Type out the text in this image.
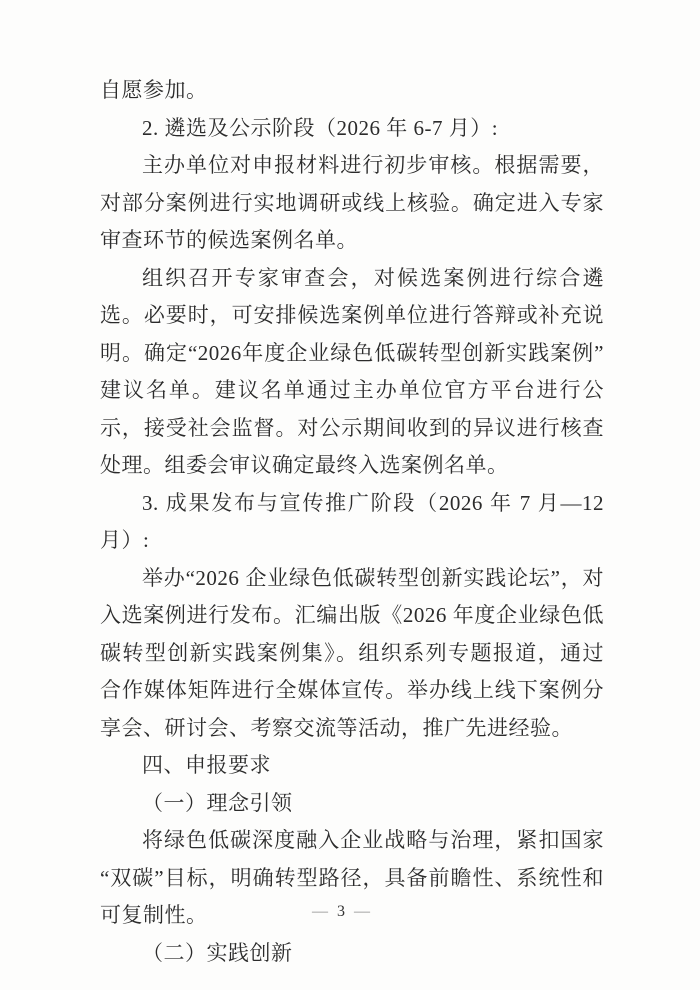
自愿参加。

2. 遴选及公示阶段（2026 年 6-7 月）:

主办单位对申报材料进行初步审核。根据需要，对部分案例进行实地调研或线上核验。确定进入专家审查环节的候选案例名单。

组织召开专家审查会，对候选案例进行综合遴选。必要时，可安排候选案例单位进行答辩或补充说明。确定“2026年度企业绿色低碳转型创新实践案例”建议名单。建议名单通过主办单位官方平台进行公示，接受社会监督。对公示期间收到的异议进行核查处理。组委会审议确定最终入选案例名单。

3. 成果发布与宣传推广阶段（2026 年 7 月—12 月）:

举办“2026 企业绿色低碳转型创新实践论坛”，对入选案例进行发布。汇编出版《2026 年度企业绿色低碳转型创新实践案例集》。组织系列专题报道，通过合作媒体矩阵进行全媒体宣传。举办线上线下案例分享会、研讨会、考察交流等活动，推广先进经验。

四、申报要求

（一）理念引领

将绿色低碳深度融入企业战略与治理，紧扣国家“双碳”目标，明确转型路径，具备前瞻性、系统性和可复制性。

（二）实践创新

— 3 —
